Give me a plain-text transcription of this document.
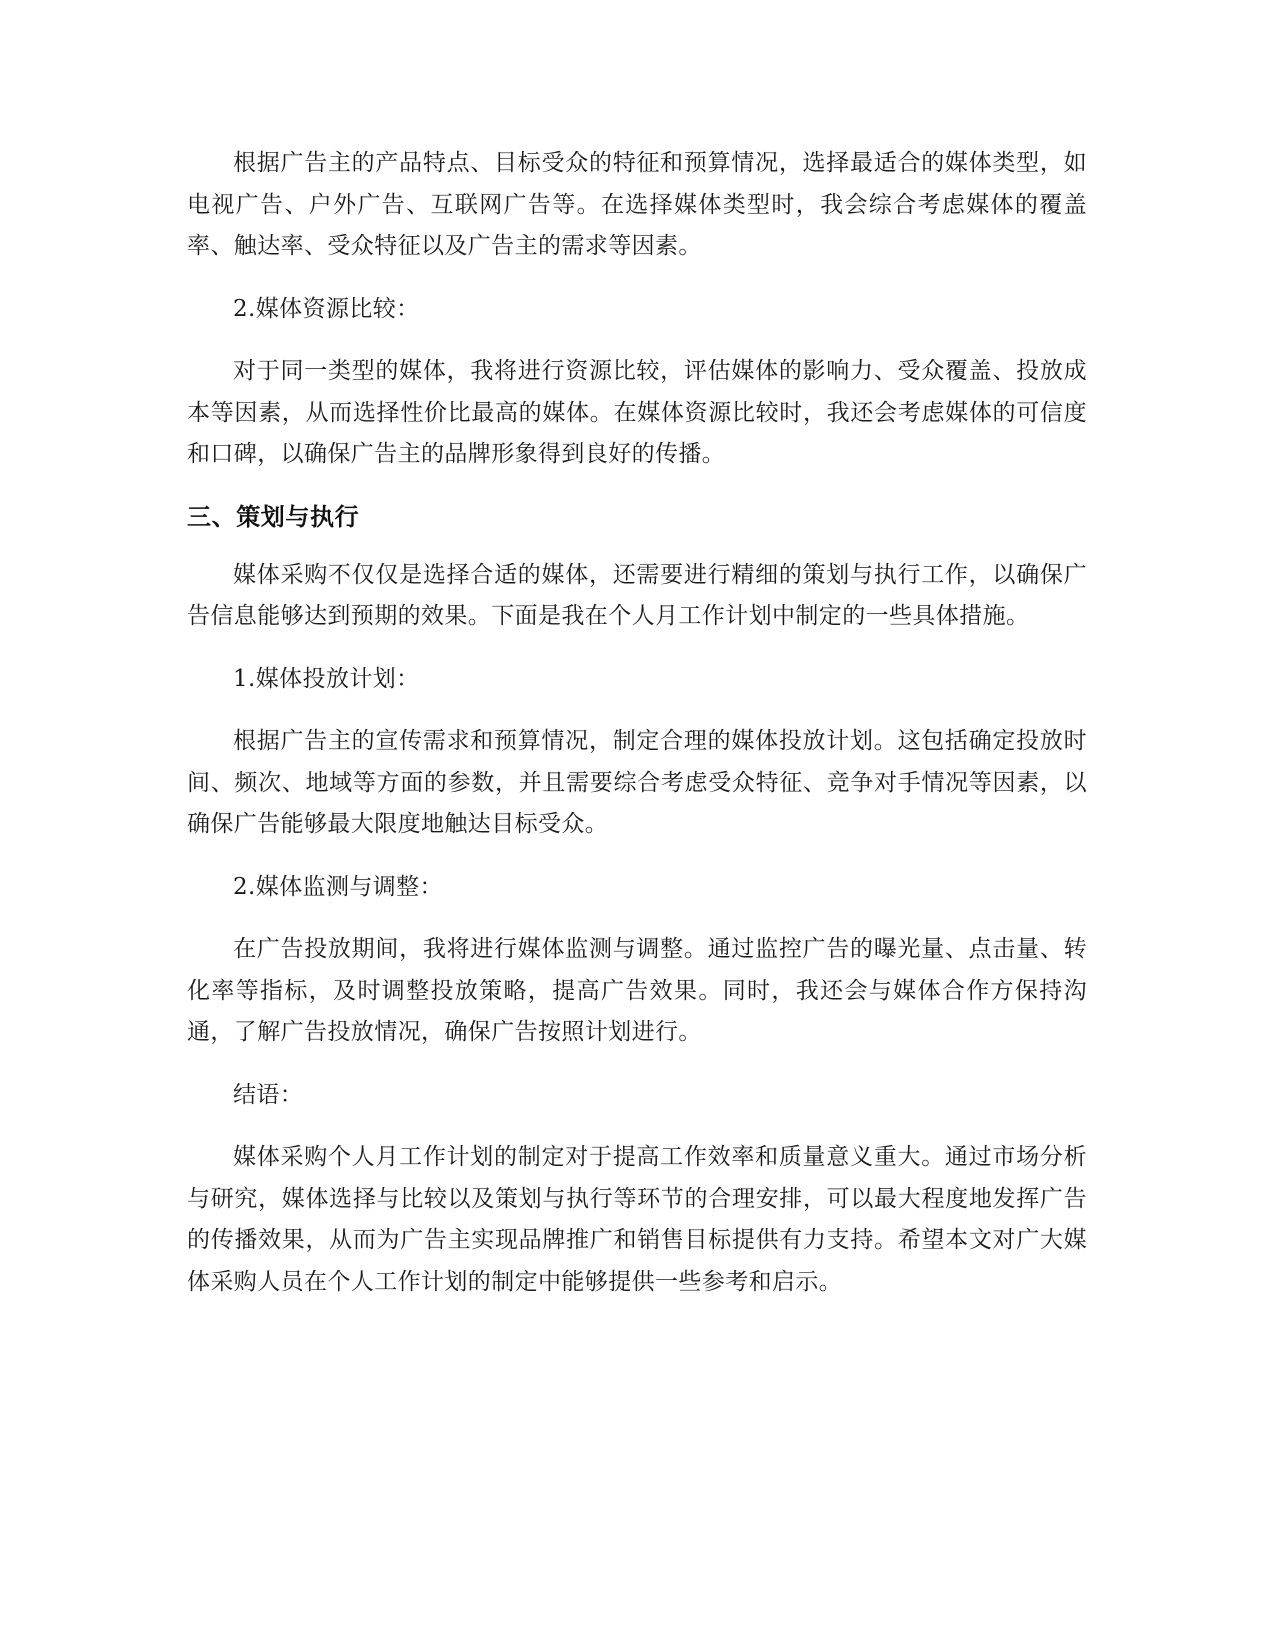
根据广告主的产品特点、目标受众的特征和预算情况，选择最适合的媒体类型，如电视广告、户外广告、互联网广告等。在选择媒体类型时，我会综合考虑媒体的覆盖率、触达率、受众特征以及广告主的需求等因素。

2.媒体资源比较：

对于同一类型的媒体，我将进行资源比较，评估媒体的影响力、受众覆盖、投放成本等因素，从而选择性价比最高的媒体。在媒体资源比较时，我还会考虑媒体的可信度和口碑，以确保广告主的品牌形象得到良好的传播。

三、策划与执行

媒体采购不仅仅是选择合适的媒体，还需要进行精细的策划与执行工作，以确保广告信息能够达到预期的效果。下面是我在个人月工作计划中制定的一些具体措施。

1.媒体投放计划：

根据广告主的宣传需求和预算情况，制定合理的媒体投放计划。这包括确定投放时间、频次、地域等方面的参数，并且需要综合考虑受众特征、竞争对手情况等因素，以确保广告能够最大限度地触达目标受众。

2.媒体监测与调整：

在广告投放期间，我将进行媒体监测与调整。通过监控广告的曝光量、点击量、转化率等指标，及时调整投放策略，提高广告效果。同时，我还会与媒体合作方保持沟通，了解广告投放情况，确保广告按照计划进行。

结语：

媒体采购个人月工作计划的制定对于提高工作效率和质量意义重大。通过市场分析与研究，媒体选择与比较以及策划与执行等环节的合理安排，可以最大程度地发挥广告的传播效果，从而为广告主实现品牌推广和销售目标提供有力支持。希望本文对广大媒体采购人员在个人工作计划的制定中能够提供一些参考和启示。
